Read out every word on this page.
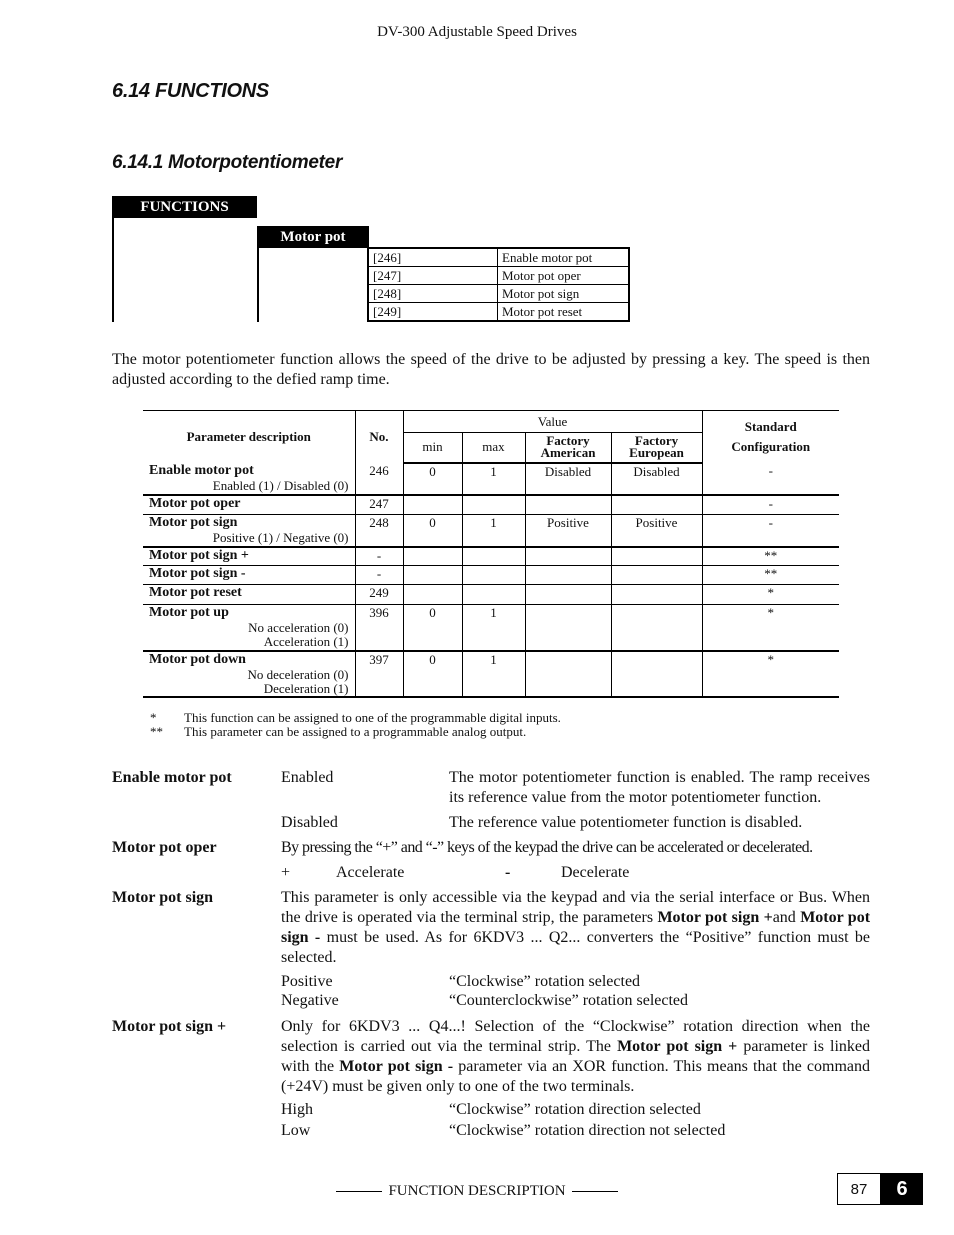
DV-300 Adjustable Speed Drives
6.14 FUNCTIONS
6.14.1 Motorpotentiometer
FUNCTIONS
Motor pot
[246]	Enable motor pot
[247]	Motor pot oper
[248]	Motor pot sign
[249]	Motor pot reset
The motor potentiometer function allows the speed of the drive to be adjusted by pressing a key. The speed is then adjusted according to the defied ramp time.
Parameter description	No.	Value				Standard
Configuration
		min	max	Factory American	Factory European	

Enable motor pot
Enabled (1) / Disabled (0)	246	0	1	Disabled	Disabled	-

Motor pot oper	247					-

Motor pot sign
Positive (1) / Negative (0)	248	0	1	Positive	Positive	-

Motor pot sign +	-					**

Motor pot sign -	-					**

Motor pot reset	249					*

Motor pot up
No acceleration (0)
Acceleration (1)	396	0	1			*

Motor pot down
No deceleration (0)
Deceleration (1)	397	0	1			*
* This function can be assigned to one of the programmable digital inputs.
** This parameter can be assigned to a programmable analog output.
Enable motor pot	Enabled	The motor potentiometer function is enabled. The ramp receives its reference value from the motor potentiometer function.
Disabled	The reference value potentiometer function is disabled.
Motor pot oper	By pressing the “+” and “-” keys of the keypad the drive can be accelerated or decelerated.
+	Accelerate	-	Decelerate
Motor pot sign	This parameter is only accessible via the keypad and via the serial interface or Bus. When the drive is operated via the terminal strip, the parameters Motor pot sign +and Motor pot sign - must be used. As for 6KDV3 ... Q2... converters the “Positive” function must be selected.
Positive	“Clockwise” rotation selected
Negative	“Counterclockwise” rotation selected
Motor pot sign +	Only for 6KDV3 ... Q4...! Selection of the “Clockwise” rotation direction when the selection is carried out via the terminal strip. The Motor pot sign + parameter is linked with the Motor pot sign - parameter via an XOR function. This means that the command (+24V) must be given only to one of the two terminals.
High	“Clockwise” rotation direction selected
Low	“Clockwise” rotation direction not selected
FUNCTION DESCRIPTION	87	6
